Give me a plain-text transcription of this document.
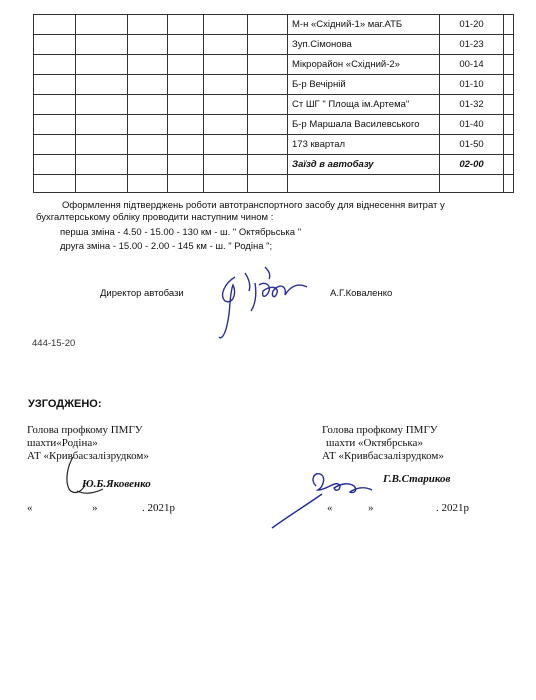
						М-н «Східний-1» маг.АТБ	01-20	
						Зуп.Сімонова	01-23	
						Мікрорайон «Східний-2»	00-14	
						Б-р Вечірній	01-10	
						Ст ШГ " Площа ім.Артема"	01-32	
						Б-р Маршала Василевського	01-40	
						173 квартал	01-50	
						Заїзд в автобазу	02-00	

Оформлення підтверджень роботи автотранспортного засобу для віднесення витрат у
бухгалтерському обліку проводити наступним чином :
перша зміна - 4.50 - 15.00 - 130 км - ш. " Октябрьська "
друга зміна - 15.00 - 2.00 - 145 км - ш. " Родіна ";
Директор автобази	А.Г.Коваленко
444-15-20
УЗГОДЖЕНО:
Голова профкому ПМГУ
шахти«Родіна»
АТ «Кривбасзалізрудком»
Ю.Б.Яковенко
«	»	. 2021р
Голова профкому ПМГУ
шахти «Октябрська»
АТ «Кривбасзалізрудком»
Г.В.Стариков
«	»	. 2021р
